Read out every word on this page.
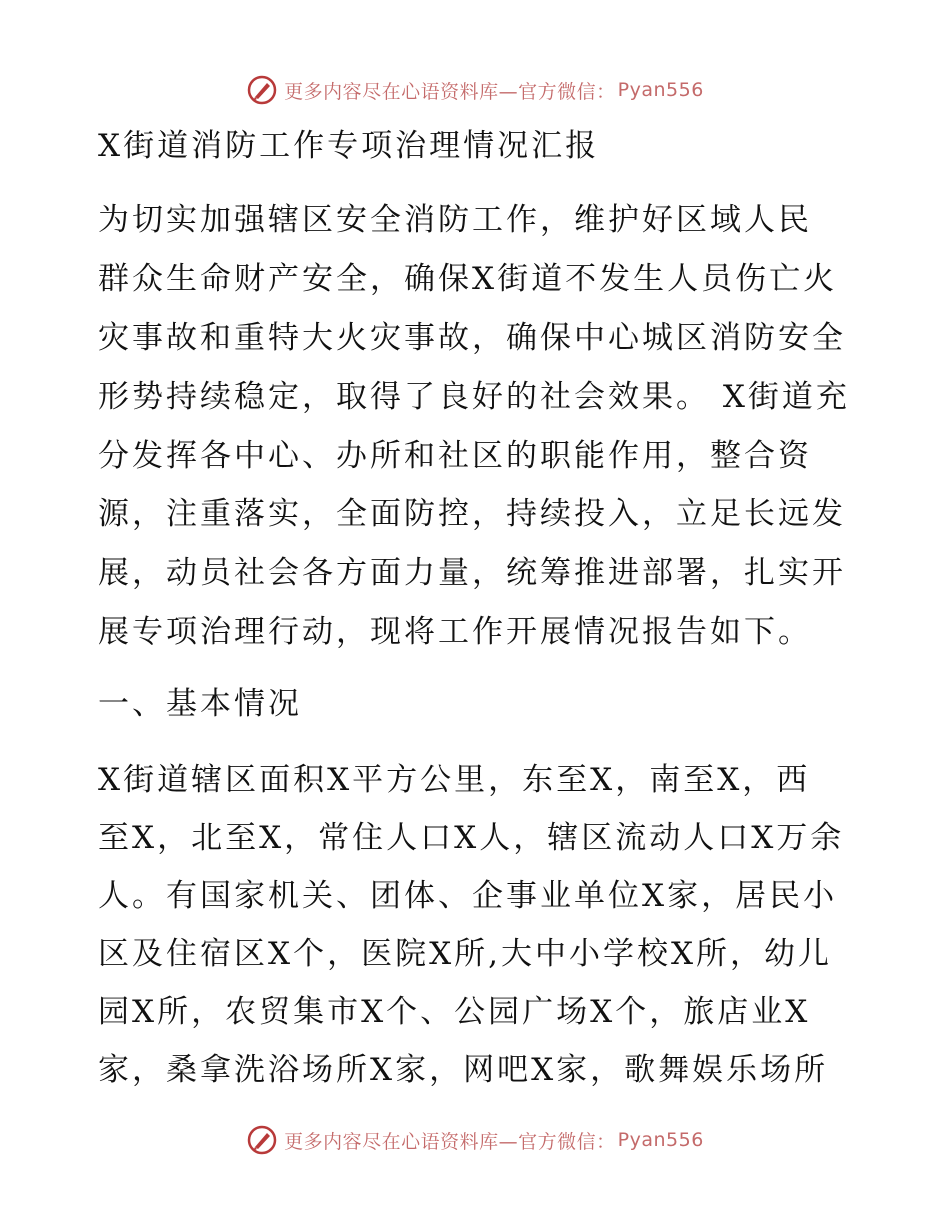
更多内容尽在心语资料库—官方微信： Pyan556
X街道消防工作专项治理情况汇报
为切实加强辖区安全消防工作，维护好区域人民
群众生命财产安全，确保X街道不发生人员伤亡火
灾事故和重特大火灾事故，确保中心城区消防安全
形势持续稳定，取得了良好的社会效果。 X街道充
分发挥各中心、办所和社区的职能作用，整合资
源，注重落实，全面防控，持续投入，立足长远发
展，动员社会各方面力量，统筹推进部署，扎实开
展专项治理行动，现将工作开展情况报告如下。
一、基本情况
X街道辖区面积X平方公里，东至X，南至X，西
至X，北至X，常住人口X人，辖区流动人口X万余
人。有国家机关、团体、企事业单位X家，居民小
区及住宿区X个，医院X所,大中小学校X所，幼儿
园X所，农贸集市X个、公园广场X个，旅店业X
家，桑拿洗浴场所X家，网吧X家，歌舞娱乐场所
更多内容尽在心语资料库—官方微信： Pyan556
